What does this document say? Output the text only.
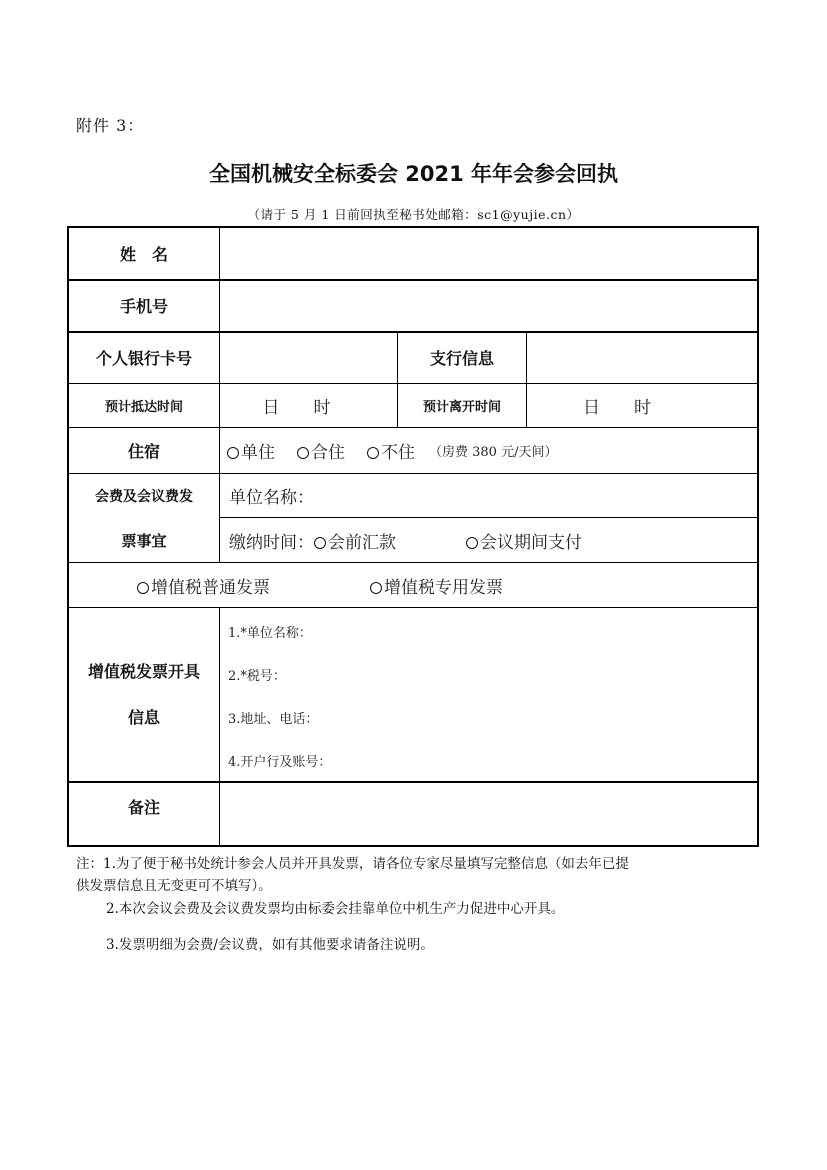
附件 3：
全国机械安全标委会 2021 年年会参会回执
（请于 5 月 1 日前回执至秘书处邮箱：sc1@yujie.cn）
姓　名
手机号
个人银行卡号	支行信息
预计抵达时间	日　　时	预计离开时间	日　　时
住宿	单住	合住	不住 （房费 380 元/天间）
会费及会议费发
票事宜
单位名称：
缴纳时间： 会前汇款	会议期间支付
增值税普通发票	增值税专用发票
增值税发票开具
信息
1.*单位名称：
2.*税号：
3.地址、电话：
4.开户行及账号：
备注
注：1.为了便于秘书处统计参会人员并开具发票，请各位专家尽量填写完整信息（如去年已提
供发票信息且无变更可不填写）。
2.本次会议会费及会议费发票均由标委会挂靠单位中机生产力促进中心开具。
3.发票明细为会费/会议费，如有其他要求请备注说明。
